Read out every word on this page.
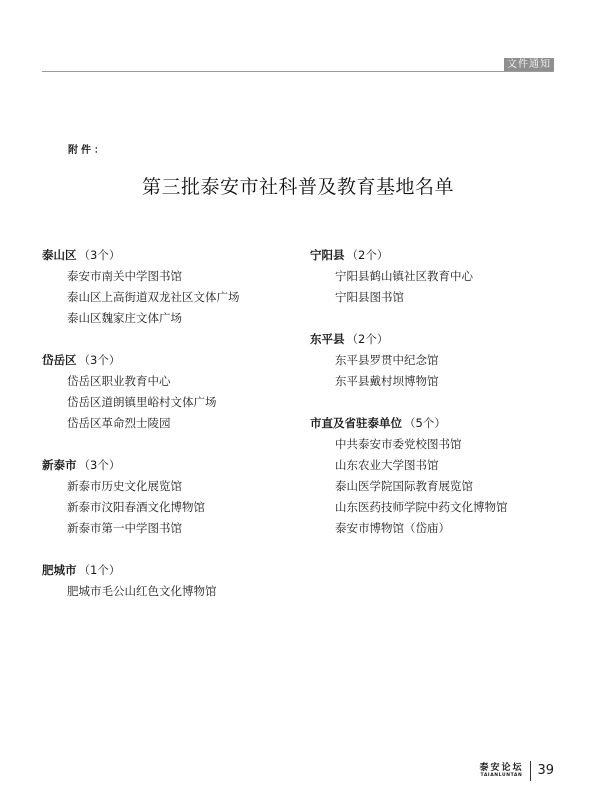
文件通知
附件：
第三批泰安市社科普及教育基地名单
泰山区 （3个）
泰安市南关中学图书馆
泰山区上高街道双龙社区文体广场
泰山区魏家庄文体广场
岱岳区 （3个）
岱岳区职业教育中心
岱岳区道朗镇里峪村文体广场
岱岳区革命烈士陵园
新泰市 （3个）
新泰市历史文化展览馆
新泰市汶阳春酒文化博物馆
新泰市第一中学图书馆
肥城市 （1个）
肥城市毛公山红色文化博物馆
宁阳县 （2个）
宁阳县鹤山镇社区教育中心
宁阳县图书馆
东平县 （2个）
东平县罗贯中纪念馆
东平县戴村坝博物馆
市直及省驻泰单位 （5个）
中共泰安市委党校图书馆
山东农业大学图书馆
泰山医学院国际教育展览馆
山东医药技师学院中药文化博物馆
泰安市博物馆（岱庙）
泰安论坛
TAIANLUNTAN 39
